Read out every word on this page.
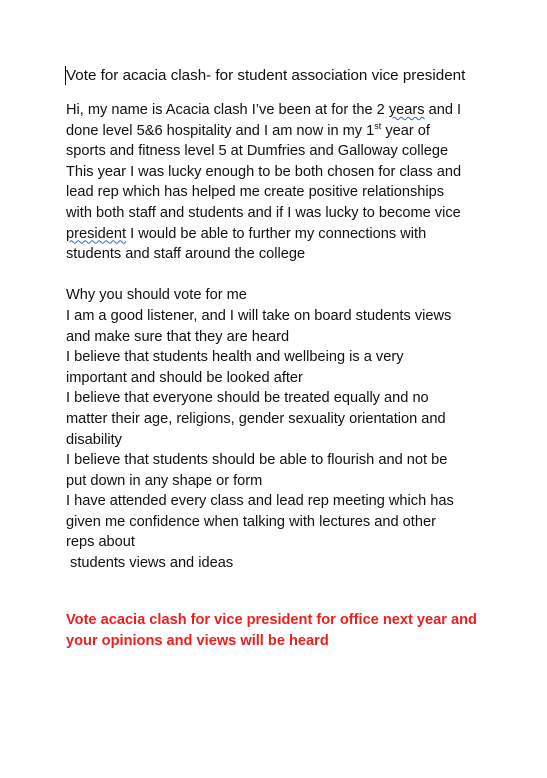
Vote for acacia clash- for student association vice president
Hi, my name is Acacia clash I’ve been at for the 2 years and I
done level 5&6 hospitality and I am now in my 1st year of
sports and fitness level 5 at Dumfries and Galloway college
This year I was lucky enough to be both chosen for class and
lead rep which has helped me create positive relationships
with both staff and students and if I was lucky to become vice
president I would be able to further my connections with
students and staff around the college
Why you should vote for me
I am a good listener, and I will take on board students views
and make sure that they are heard
I believe that students health and wellbeing is a very
important and should be looked after
I believe that everyone should be treated equally and no
matter their age, religions, gender sexuality orientation and
disability
I believe that students should be able to flourish and not be
put down in any shape or form
I have attended every class and lead rep meeting which has
given me confidence when talking with lectures and other
reps about
students views and ideas
Vote acacia clash for vice president for office next year and
your opinions and views will be heard
